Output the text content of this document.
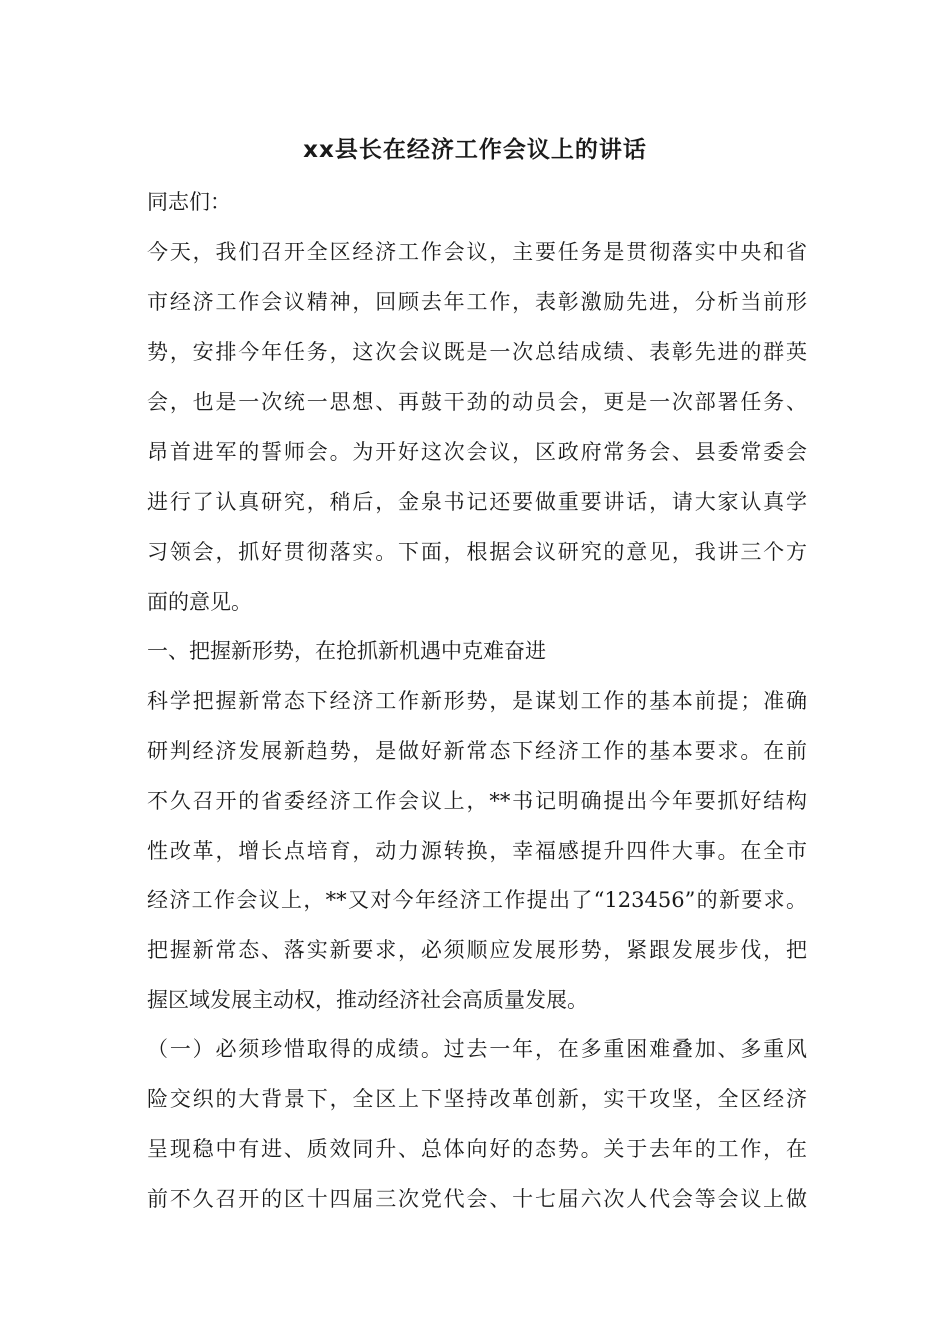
xx县长在经济工作会议上的讲话
同志们：
今天，我们召开全区经济工作会议，主要任务是贯彻落实中央和省
市经济工作会议精神，回顾去年工作，表彰激励先进，分析当前形
势，安排今年任务，这次会议既是一次总结成绩、表彰先进的群英
会，也是一次统一思想、再鼓干劲的动员会，更是一次部署任务、
昂首进军的誓师会。为开好这次会议，区政府常务会、县委常委会
进行了认真研究，稍后，金泉书记还要做重要讲话，请大家认真学
习领会，抓好贯彻落实。下面，根据会议研究的意见，我讲三个方
面的意见。
一、把握新形势，在抢抓新机遇中克难奋进
科学把握新常态下经济工作新形势，是谋划工作的基本前提；准确
研判经济发展新趋势，是做好新常态下经济工作的基本要求。在前
不久召开的省委经济工作会议上，**书记明确提出今年要抓好结构
性改革，增长点培育，动力源转换，幸福感提升四件大事。在全市
经济工作会议上，**又对今年经济工作提出了“123456”的新要求。
把握新常态、落实新要求，必须顺应发展形势，紧跟发展步伐，把
握区域发展主动权，推动经济社会高质量发展。
（一）必须珍惜取得的成绩。过去一年，在多重困难叠加、多重风
险交织的大背景下，全区上下坚持改革创新，实干攻坚，全区经济
呈现稳中有进、质效同升、总体向好的态势。关于去年的工作，在
前不久召开的区十四届三次党代会、十七届六次人代会等会议上做
